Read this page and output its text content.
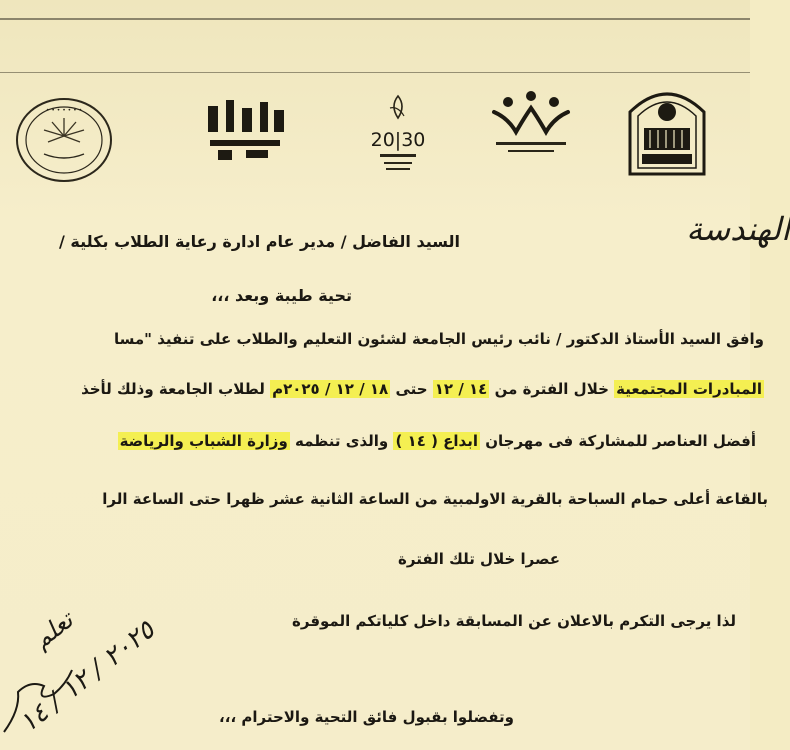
• • • • • • •
20|30
السيد الفاضل / مدير عام ادارة رعاية الطلاب بكلية /	الهندسة
تحية طيبة وبعد ،،،
وافق السيد الأستاذ الدكتور / نائب رئيس الجامعة لشئون التعليم والطلاب على تنفيذ "مسا
المبادرات المجتمعية خلال الفترة من ١٤ / ١٢ حتى ١٨ / ١٢ / ٢٠٢٥م لطلاب الجامعة وذلك لأخذ
أفضل العناصر للمشاركة فى مهرجان ابداع ( ١٤ ) والذى تنظمه وزارة الشباب والرياضة
بالقاعة أعلى حمام السباحة بالقرية الاولمبية من الساعة الثانية عشر ظهرا حتى الساعة الرا
عصرا خلال تلك الفترة
لذا يرجى التكرم بالاعلان عن المسابقة داخل كلياتكم الموقرة
وتفضلوا بقبول فائق التحية والاحترام ،،،
تعلم
٢٠٢٥ / ١٢ / ١٤
